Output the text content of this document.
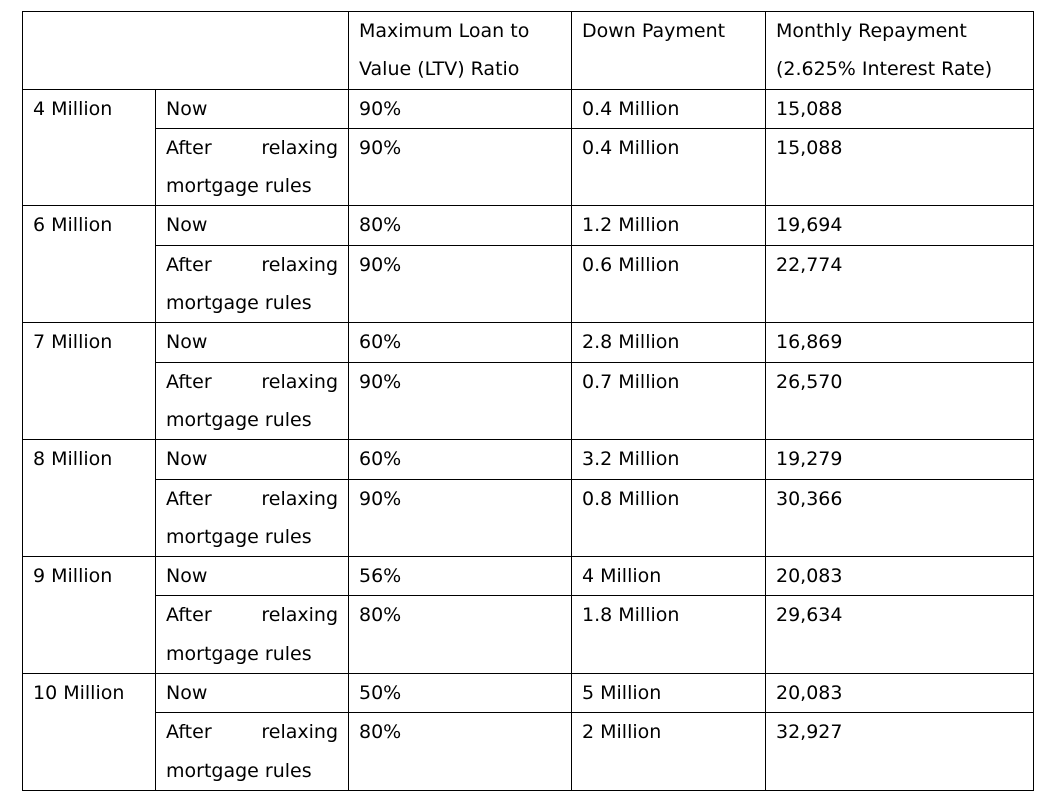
		Maximum Loan to Value (LTV) Ratio	Down Payment	Monthly Repayment (2.625% Interest Rate)
4 Million	Now	90%	0.4 Million	15,088

	After relaxing mortgage rules	90%	0.4 Million	15,088
6 Million	Now	80%	1.2 Million	19,694

	After relaxing mortgage rules	90%	0.6 Million	22,774
7 Million	Now	60%	2.8 Million	16,869

	After relaxing mortgage rules	90%	0.7 Million	26,570
8 Million	Now	60%	3.2 Million	19,279

	After relaxing mortgage rules	90%	0.8 Million	30,366
9 Million	Now	56%	4 Million	20,083

	After relaxing mortgage rules	80%	1.8 Million	29,634
10 Million	Now	50%	5 Million	20,083

	After relaxing mortgage rules	80%	2 Million	32,927
